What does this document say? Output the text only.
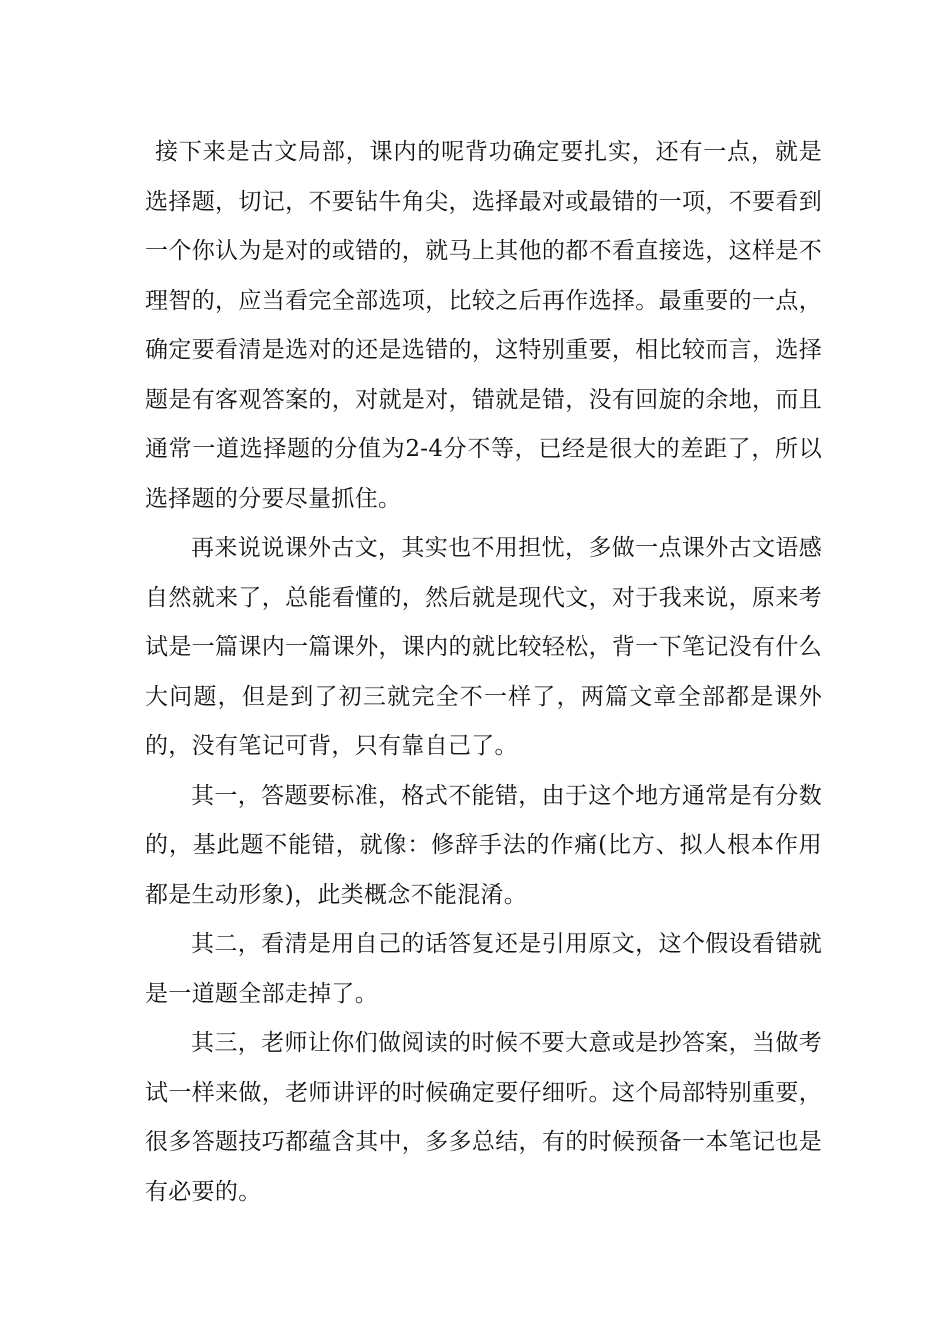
接下来是古文局部，课内的呢背功确定要扎实，还有一点，就是选择题，切记，不要钻牛角尖，选择最对或最错的一项，不要看到一个你认为是对的或错的，就马上其他的都不看直接选，这样是不理智的，应当看完全部选项，比较之后再作选择。最重要的一点，确定要看清是选对的还是选错的，这特别重要，相比较而言，选择题是有客观答案的，对就是对，错就是错，没有回旋的余地，而且通常一道选择题的分值为2-4分不等，已经是很大的差距了，所以选择题的分要尽量抓住。

再来说说课外古文，其实也不用担忧，多做一点课外古文语感自然就来了，总能看懂的，然后就是现代文，对于我来说，原来考试是一篇课内一篇课外，课内的就比较轻松，背一下笔记没有什么大问题，但是到了初三就完全不一样了，两篇文章全部都是课外的，没有笔记可背，只有靠自己了。

其一，答题要标准，格式不能错，由于这个地方通常是有分数的，基此题不能错，就像：修辞手法的作痛(比方、拟人根本作用都是生动形象)，此类概念不能混淆。

其二，看清是用自己的话答复还是引用原文，这个假设看错就是一道题全部走掉了。

其三，老师让你们做阅读的时候不要大意或是抄答案，当做考试一样来做，老师讲评的时候确定要仔细听。这个局部特别重要，很多答题技巧都蕴含其中，多多总结，有的时候预备一本笔记也是有必要的。
